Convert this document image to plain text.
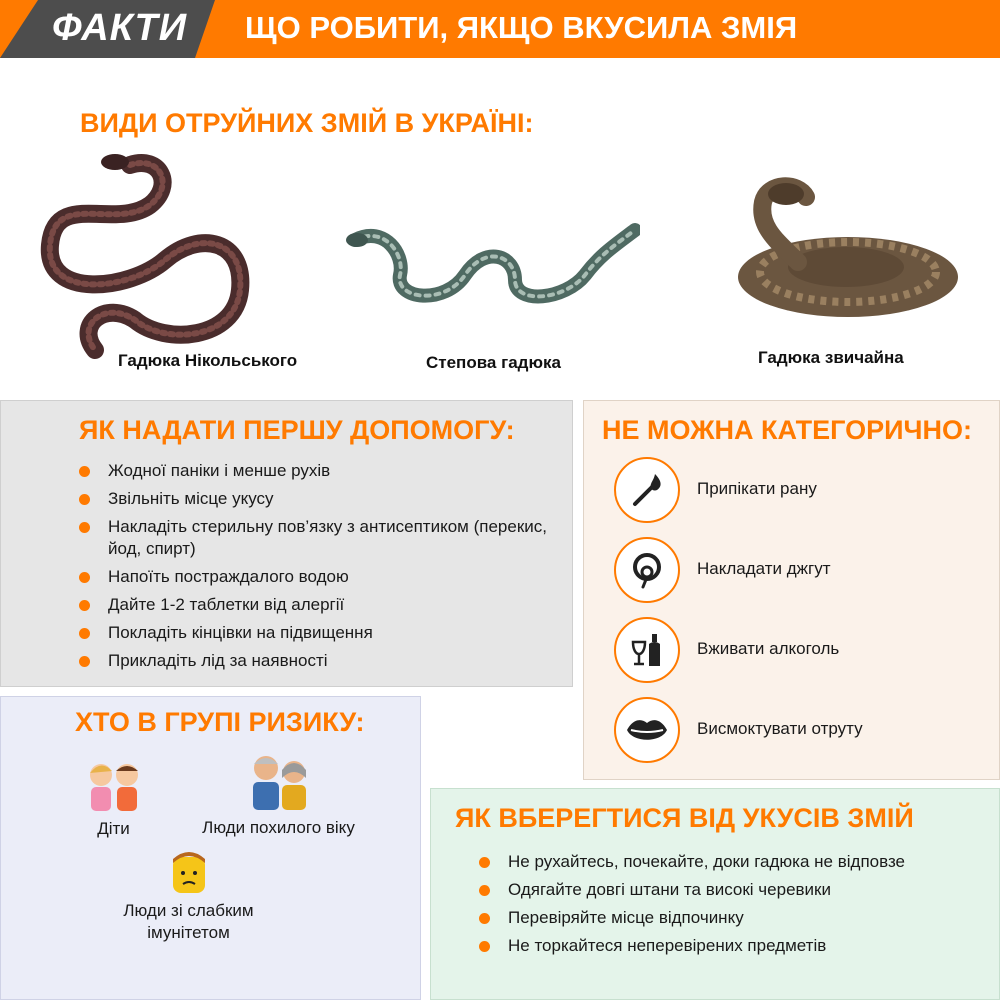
ФАКТИ ЩО РОБИТИ, ЯКЩО ВКУСИЛА ЗМІЯ
ВИДИ ОТРУЙНИХ ЗМІЙ В УКРАЇНІ:
Гадюка Нікольського	Степова гадюка	Гадюка звичайна
ЯК НАДАТИ ПЕРШУ ДОПОМОГУ:
Жодної паніки і менше рухів
Звільніть місце укусу
Накладіть стерильну пов’язку з антисептиком (перекис, йод, спирт)
Напоїть постраждалого водою
Дайте 1-2 таблетки від алергії
Покладіть кінцівки на підвищення
Прикладіть лід за наявності
НЕ МОЖНА КАТЕГОРИЧНО:
Припікати рану
Накладати джгут
Вживати алкоголь
Висмоктувати отруту
ХТО В ГРУПІ РИЗИКУ:
Діти	Люди похилого віку
Люди зі слабким імунітетом
ЯК ВБЕРЕГТИСЯ ВІД УКУСІВ ЗМІЙ
Не рухайтесь, почекайте, доки гадюка не відповзе
Одягайте довгі штани та високі черевики
Перевіряйте місце відпочинку
Не торкайтеся неперевірених предметів
